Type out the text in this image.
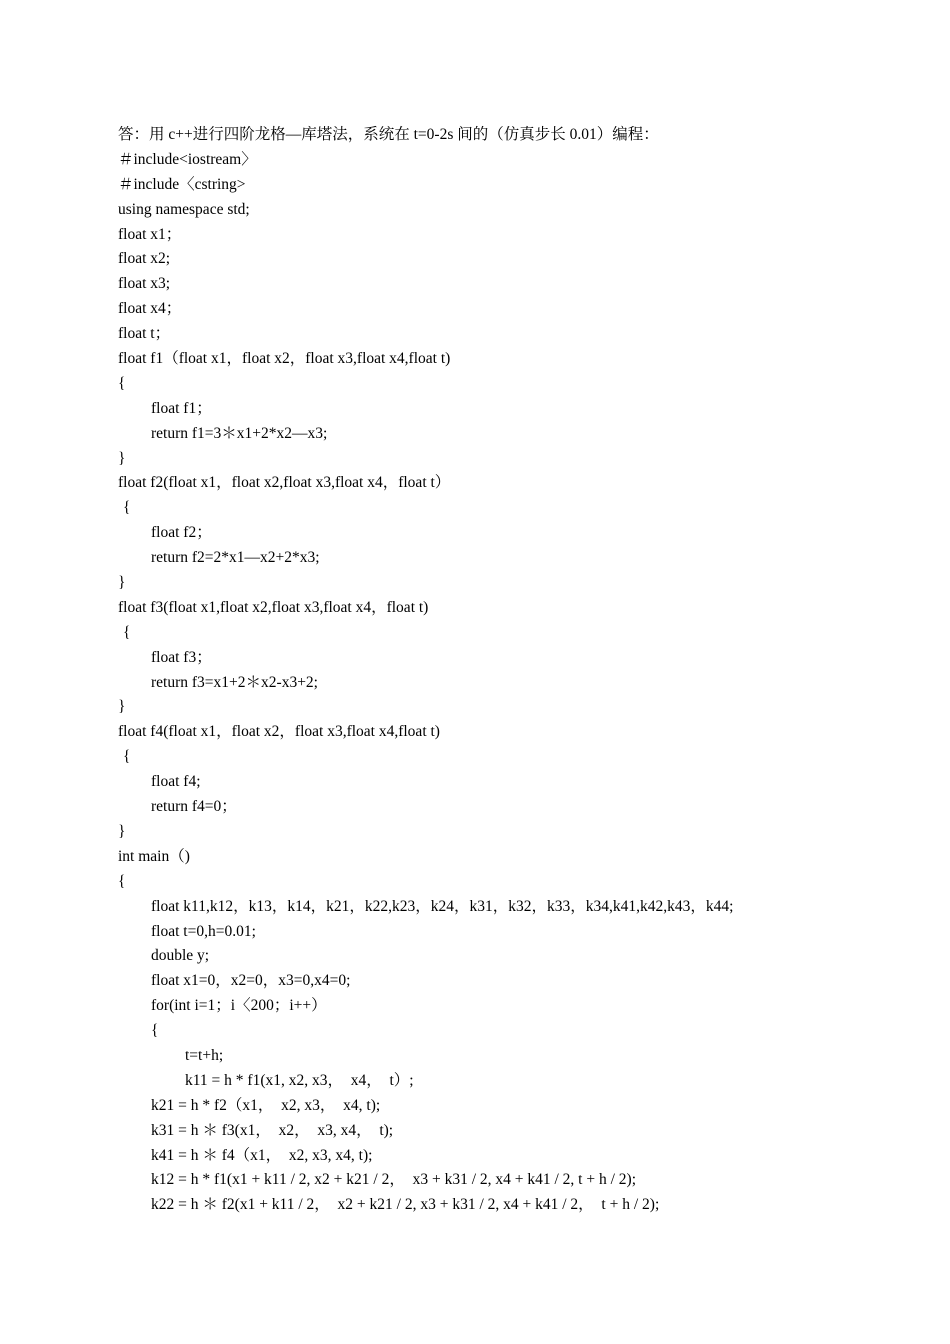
答：用 c++进行四阶龙格—库塔法，系统在 t=0-2s 间的（仿真步长 0.01）编程：
＃include<iostream〉
＃include〈cstring>
using namespace std;
float x1；
float x2;
float x3;
float x4；
float t；
float f1（float x1，float x2，float x3,float x4,float t)
{
float f1；
return f1=3＊x1+2*x2—x3;
}
float f2(float x1，float x2,float x3,float x4，float t）
{
float f2；
return f2=2*x1—x2+2*x3;
}
float f3(float x1,float x2,float x3,float x4，float t)
{
float f3；
return f3=x1+2＊x2-x3+2;
}
float f4(float x1，float x2，float x3,float x4,float t)
{
float f4;
return f4=0；
}
int main（)
{
float k11,k12，k13，k14，k21，k22,k23，k24，k31，k32，k33，k34,k41,k42,k43，k44;
float t=0,h=0.01;
double y;
float x1=0，x2=0，x3=0,x4=0;
for(int i=1；i〈200；i++）
{
t=t+h;
k11 = h * f1(x1, x2, x3，  x4，  t）;
k21 = h * f2（x1，  x2, x3，  x4, t);
k31 = h ＊ f3(x1，  x2，  x3, x4，  t);
k41 = h ＊ f4（x1，  x2, x3, x4, t);
k12 = h * f1(x1 + k11 / 2, x2 + k21 / 2，  x3 + k31 / 2, x4 + k41 / 2, t + h / 2);
k22 = h ＊ f2(x1 + k11 / 2，  x2 + k21 / 2, x3 + k31 / 2, x4 + k41 / 2，  t + h / 2);
